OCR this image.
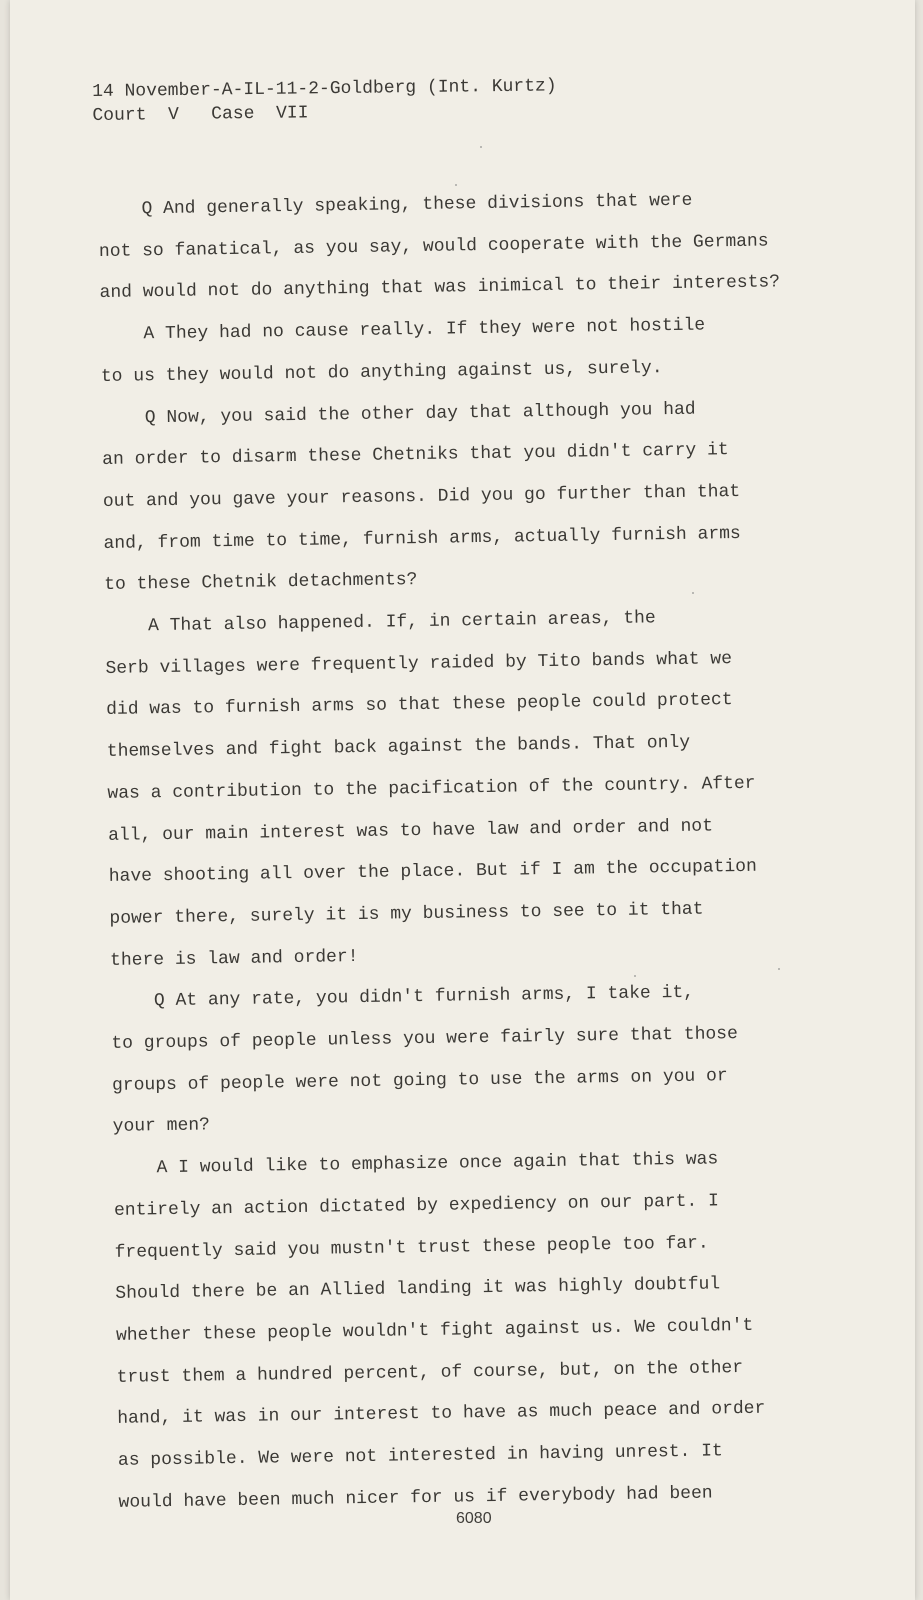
14 November-A-IL-11-2-Goldberg (Int. Kurtz)
Court  V   Case  VII
Q And generally speaking, these divisions that were
not so fanatical, as you say, would cooperate with the Germans
and would not do anything that was inimical to their interests?
A They had no cause really. If they were not hostile
to us they would not do anything against us, surely.
Q Now, you said the other day that although you had
an order to disarm these Chetniks that you didn't carry it
out and you gave your reasons. Did you go further than that
and, from time to time, furnish arms, actually furnish arms
to these Chetnik detachments?
A That also happened. If, in certain areas, the
Serb villages were frequently raided by Tito bands what we
did was to furnish arms so that these people could protect
themselves and fight back against the bands. That only
was a contribution to the pacification of the country. After
all, our main interest was to have law and order and not
have shooting all over the place. But if I am the occupation
power there, surely it is my business to see to it that
there is law and order!
Q At any rate, you didn't furnish arms, I take it,
to groups of people unless you were fairly sure that those
groups of people were not going to use the arms on you or
your men?
A I would like to emphasize once again that this was
entirely an action dictated by expediency on our part. I
frequently said you mustn't trust these people too far.
Should there be an Allied landing it was highly doubtful
whether these people wouldn't fight against us. We couldn't
trust them a hundred percent, of course, but, on the other
hand, it was in our interest to have as much peace and order
as possible. We were not interested in having unrest. It
would have been much nicer for us if everybody had been
6080
